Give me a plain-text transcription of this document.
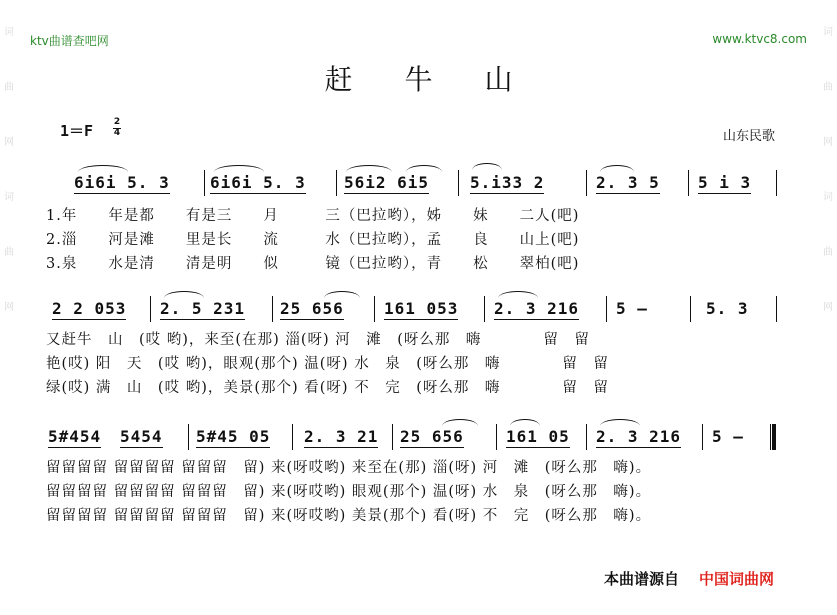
ktv曲谱查吧网	www.ktvc8.com
词
曲
网
词
曲
网
词
曲
网
词
曲
网
赶牛山
1＝F 2
4	山东民歌
6i6i 5. 3	6i6i 5. 3 56i2 6i5	5.i33 2	2. 3 5 5 i 3
1.年　　年是都　　有是三　　月　　　三（巴拉哟），姊　　妹　　二人(吧)
2.淄　　河是滩　　里是长　　流　　　水（巴拉哟），孟　　良　　山上(吧)
3.泉　　水是清　　清是明　　似　　　镜（巴拉哟），青　　松　　翠柏(吧)
2 2 053 2. 5 231 25 656	161 053 2. 3 216 5 –	5. 3
又赶牛　山　(哎 哟)，来至(在那) 淄(呀) 河　滩　(呀么那　嗨　　　　留　留
艳(哎) 阳　天　(哎 哟)，眼观(那个) 温(呀) 水　泉　(呀么那　嗨　　　　留　留
绿(哎) 满　山　(哎 哟)，美景(那个) 看(呀) 不　完　(呀么那　嗨　　　　留　留
5#454 5454 5#45 05 2. 3 21 25 656	161 05 2. 3 216 5 –
留留留留 留留留留 留留留　留) 来(呀哎哟) 来至在(那) 淄(呀) 河　滩　(呀么那　嗨)。
留留留留 留留留留 留留留　留) 来(呀哎哟) 眼观(那个) 温(呀) 水　泉　(呀么那　嗨)。
留留留留 留留留留 留留留　留) 来(呀哎哟) 美景(那个) 看(呀) 不　完　(呀么那　嗨)。
本曲谱源自 中国词曲网
